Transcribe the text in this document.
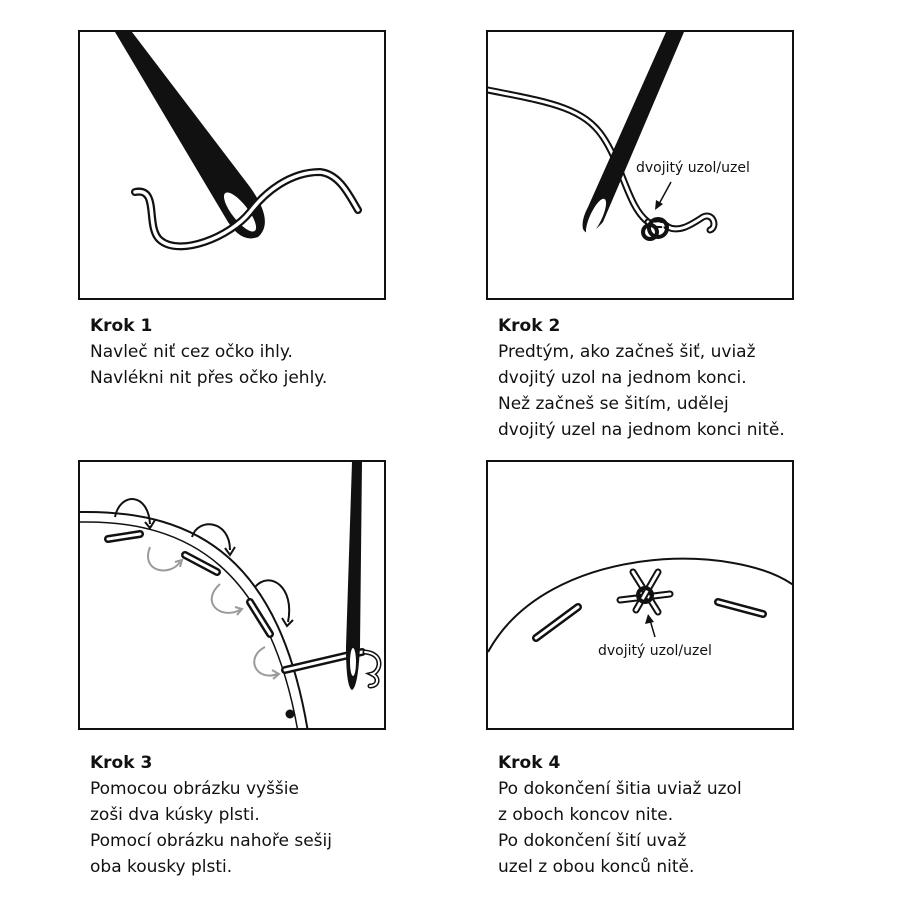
dvojitý uzol/uzel
dvojitý uzol/uzel
Krok 1
Navleč niť cez očko ihly.
Navlékni nit přes očko jehly.
Krok 2
Predtým, ako začneš šiť, uviaž
dvojitý uzol na jednom konci.
Než začneš se šitím, udělej
dvojitý uzel na jednom konci nitě.
Krok 3
Pomocou obrázku vyššie
zoši dva kúsky plsti.
Pomocí obrázku nahoře sešij
oba kousky plsti.
Krok 4
Po dokončení šitia uviaž uzol
z oboch koncov nite.
Po dokončení šití uvaž
uzel z obou konců nitě.
